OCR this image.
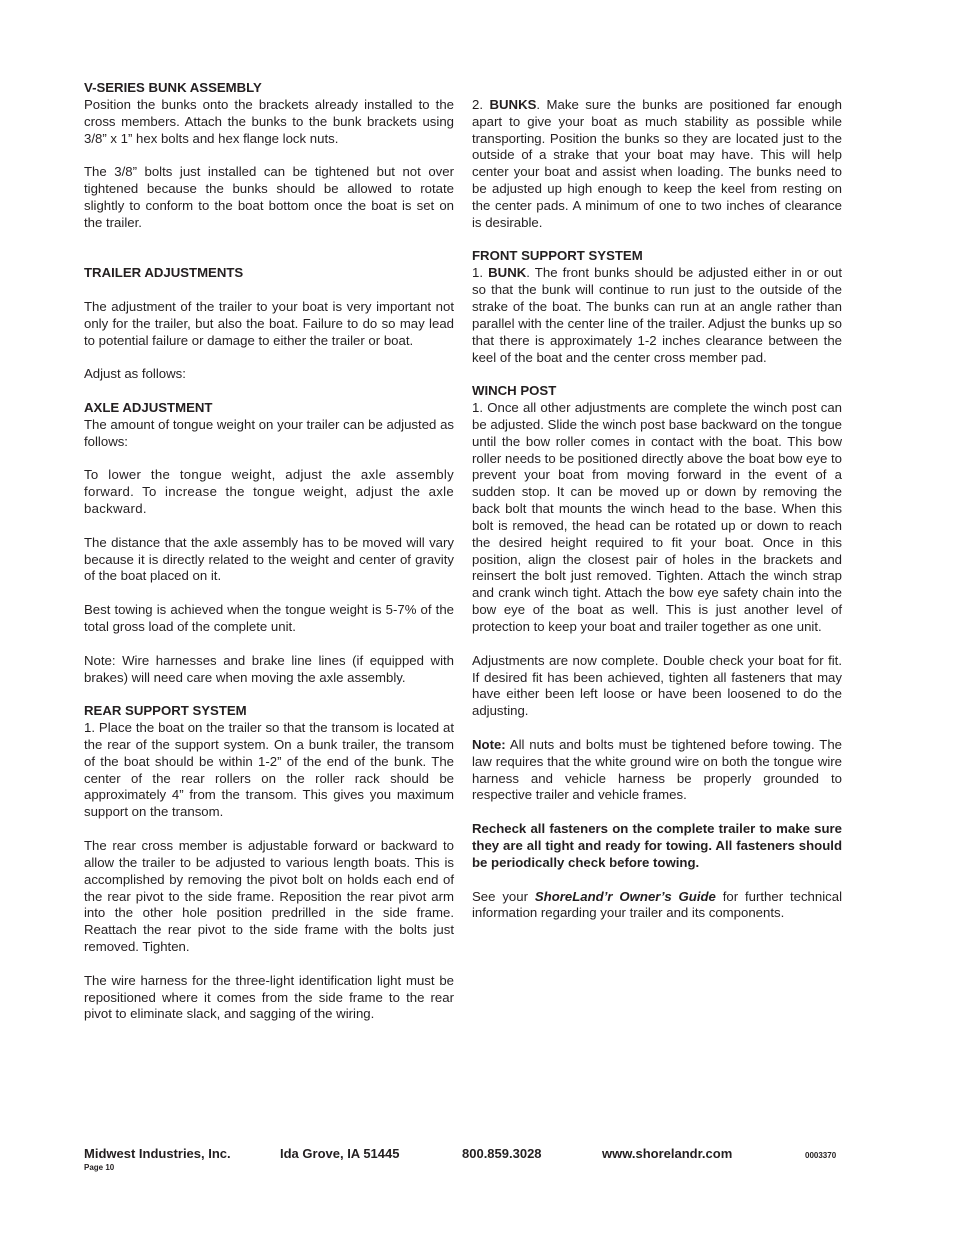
V-SERIES BUNK ASSEMBLY

Position the bunks onto the brackets already installed to the cross members. Attach the bunks to the bunk brackets using 3/8” x 1” hex bolts and hex flange lock nuts.

The 3/8” bolts just installed can be tightened but not over tightened because the bunks should be allowed to rotate slightly to conform to the boat bottom once the boat is set on the trailer.

TRAILER ADJUSTMENTS

The adjustment of the trailer to your boat is very important not only for the trailer, but also the boat. Failure to do so may lead to potential failure or damage to either the trailer or boat.

Adjust as follows:

AXLE ADJUSTMENT

The amount of tongue weight on your trailer can be adjusted as follows:

To lower the tongue weight, adjust the axle assembly forward. To increase the tongue weight, adjust the axle backward.

The distance that the axle assembly has to be moved will vary because it is directly related to the weight and center of gravity of the boat placed on it.

Best towing is achieved when the tongue weight is 5-7% of the total gross load of the complete unit.

Note: Wire harnesses and brake line lines (if equipped with brakes) will need care when moving the axle assembly.

REAR SUPPORT SYSTEM

1. Place the boat on the trailer so that the transom is located at the rear of the support system. On a bunk trailer, the transom of the boat should be within 1-2” of the end of the bunk. The center of the rear rollers on the roller rack should be approximately 4” from the transom. This gives you maximum support on the transom.

The rear cross member is adjustable forward or backward to allow the trailer to be adjusted to various length boats. This is accomplished by removing the pivot bolt on holds each end of the rear pivot to the side frame. Reposition the rear pivot arm into the other hole position predrilled in the side frame. Reattach the rear pivot to the side frame with the bolts just removed. Tighten.

The wire harness for the three-light identification light must be repositioned where it comes from the side frame to the rear pivot to eliminate slack, and sagging of the wiring.

2. BUNKS. Make sure the bunks are positioned far enough apart to give your boat as much stability as possible while transporting. Position the bunks so they are located just to the outside of a strake that your boat may have. This will help center your boat and assist when loading. The bunks need to be adjusted up high enough to keep the keel from resting on the center pads. A minimum of one to two inches of clearance is desirable.

FRONT SUPPORT SYSTEM

1. BUNK. The front bunks should be adjusted either in or out so that the bunk will continue to run just to the outside of the strake of the boat. The bunks can run at an angle rather than parallel with the center line of the trailer. Adjust the bunks up so that there is approximately 1-2 inches clearance between the keel of the boat and the center cross member pad.

WINCH POST

1. Once all other adjustments are complete the winch post can be adjusted. Slide the winch post base backward on the tongue until the bow roller comes in contact with the boat. This bow roller needs to be positioned directly above the boat bow eye to prevent your boat from moving forward in the event of a sudden stop. It can be moved up or down by removing the back bolt that mounts the winch head to the base. When this bolt is removed, the head can be rotated up or down to reach the desired height required to fit your boat. Once in this position, align the closest pair of holes in the brackets and reinsert the bolt just removed. Tighten. Attach the winch strap and crank winch tight. Attach the bow eye safety chain into the bow eye of the boat as well. This is just another level of protection to keep your boat and trailer together as one unit.

Adjustments are now complete. Double check your boat for fit. If desired fit has been achieved, tighten all fasteners that may have either been left loose or have been loosened to do the adjusting.

Note: All nuts and bolts must be tightened before towing. The law requires that the white ground wire on both the tongue wire harness and vehicle harness be properly grounded to respective trailer and vehicle frames.

Recheck all fasteners on the complete trailer to make sure they are all tight and ready for towing. All fasteners should be periodically check before towing.

See your ShoreLand’r Owner’s Guide for further technical information regarding your trailer and its components.

Midwest Industries, Inc.	Ida Grove, IA 51445	800.859.3028	www.shorelandr.com	0003370
Page 10
